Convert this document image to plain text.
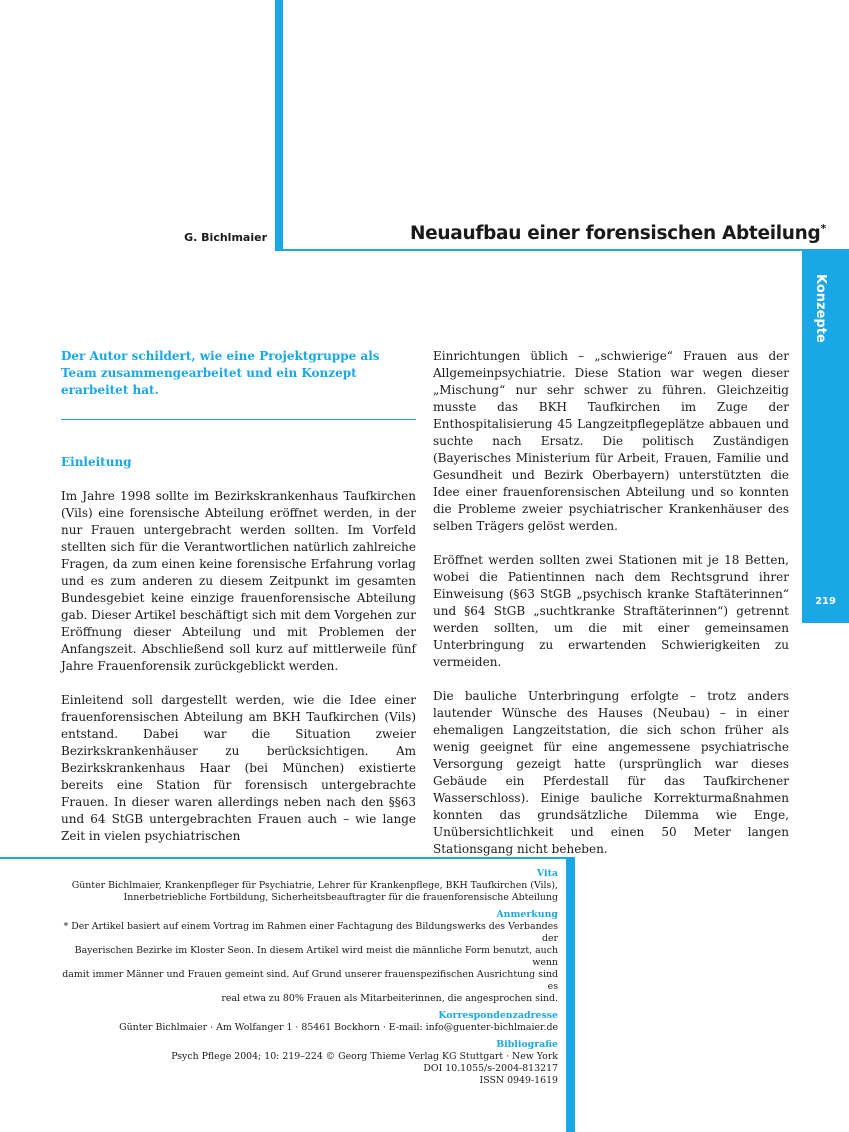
G. Bichlmaier	Neuaufbau einer forensischen Abteilung*
Konzepte
219

Der Autor schildert, wie eine Projektgruppe als Team zusammengearbeitet und ein Konzept erarbeitet hat.

Einleitung

Im Jahre 1998 sollte im Bezirkskrankenhaus Taufkirchen (Vils) eine forensische Abteilung eröffnet werden, in der nur Frauen untergebracht werden sollten. Im Vorfeld stellten sich für die Verantwortlichen natürlich zahlreiche Fragen, da zum einen keine forensische Erfahrung vorlag und es zum anderen zu diesem Zeitpunkt im gesamten Bundesgebiet keine einzige frauenforensische Abteilung gab. Dieser Artikel beschäftigt sich mit dem Vorgehen zur Eröffnung dieser Abteilung und mit Problemen der Anfangszeit. Abschließend soll kurz auf mittlerweile fünf Jahre Frauenforensik zurückgeblickt werden.

Einleitend soll dargestellt werden, wie die Idee einer frauenforensischen Abteilung am BKH Taufkirchen (Vils) entstand. Dabei war die Situation zweier Bezirkskrankenhäuser zu berücksichtigen. Am Bezirkskrankenhaus Haar (bei München) existierte bereits eine Station für forensisch untergebrachte Frauen. In dieser waren allerdings neben nach den §§63 und 64 StGB untergebrachten Frauen auch – wie lange Zeit in vielen psychiatrischen

Einrichtungen üblich – „schwierige“ Frauen aus der Allgemeinpsychiatrie. Diese Station war wegen dieser „Mischung“ nur sehr schwer zu führen. Gleichzeitig musste das BKH Taufkirchen im Zuge der Enthospitalisierung 45 Langzeitpflegeplätze abbauen und suchte nach Ersatz. Die politisch Zuständigen (Bayerisches Ministerium für Arbeit, Frauen, Familie und Gesundheit und Bezirk Oberbayern) unterstützten die Idee einer frauenforensischen Abteilung und so konnten die Probleme zweier psychiatrischer Krankenhäuser des selben Trägers gelöst werden.

Eröffnet werden sollten zwei Stationen mit je 18 Betten, wobei die Patientinnen nach dem Rechtsgrund ihrer Einweisung (§63 StGB „psychisch kranke Staftäterinnen“ und §64 StGB „suchtkranke Straftäterinnen“) getrennt werden sollten, um die mit einer gemeinsamen Unterbringung zu erwartenden Schwierigkeiten zu vermeiden.

Die bauliche Unterbringung erfolgte – trotz anders lautender Wünsche des Hauses (Neubau) – in einer ehemaligen Langzeitstation, die sich schon früher als wenig geeignet für eine angemessene psychiatrische Versorgung gezeigt hatte (ursprünglich war dieses Gebäude ein Pferdestall für das Taufkirchener Wasserschloss). Einige bauliche Korrekturmaßnahmen konnten das grundsätzliche Dilemma wie Enge, Unübersichtlichkeit und einen 50 Meter langen Stationsgang nicht beheben.

Vita
Günter Bichlmaier, Krankenpfleger für Psychiatrie, Lehrer für Krankenpflege, BKH Taufkirchen (Vils),
Innerbetriebliche Fortbildung, Sicherheitsbeauftragter für die frauenforensische Abteilung
Anmerkung
* Der Artikel basiert auf einem Vortrag im Rahmen einer Fachtagung des Bildungswerks des Verbandes der
Bayerischen Bezirke im Kloster Seon. In diesem Artikel wird meist die männliche Form benutzt, auch wenn
damit immer Männer und Frauen gemeint sind. Auf Grund unserer frauenspezifischen Ausrichtung sind es
real etwa zu 80% Frauen als Mitarbeiterinnen, die angesprochen sind.
Korrespondenzadresse
Günter Bichlmaier · Am Wolfanger 1 · 85461 Bockhorn · E-mail: info@guenter-bichlmaier.de
Bibliografie
Psych Pflege 2004; 10: 219–224 © Georg Thieme Verlag KG Stuttgart · New York
DOI 10.1055/s-2004-813217
ISSN 0949-1619
